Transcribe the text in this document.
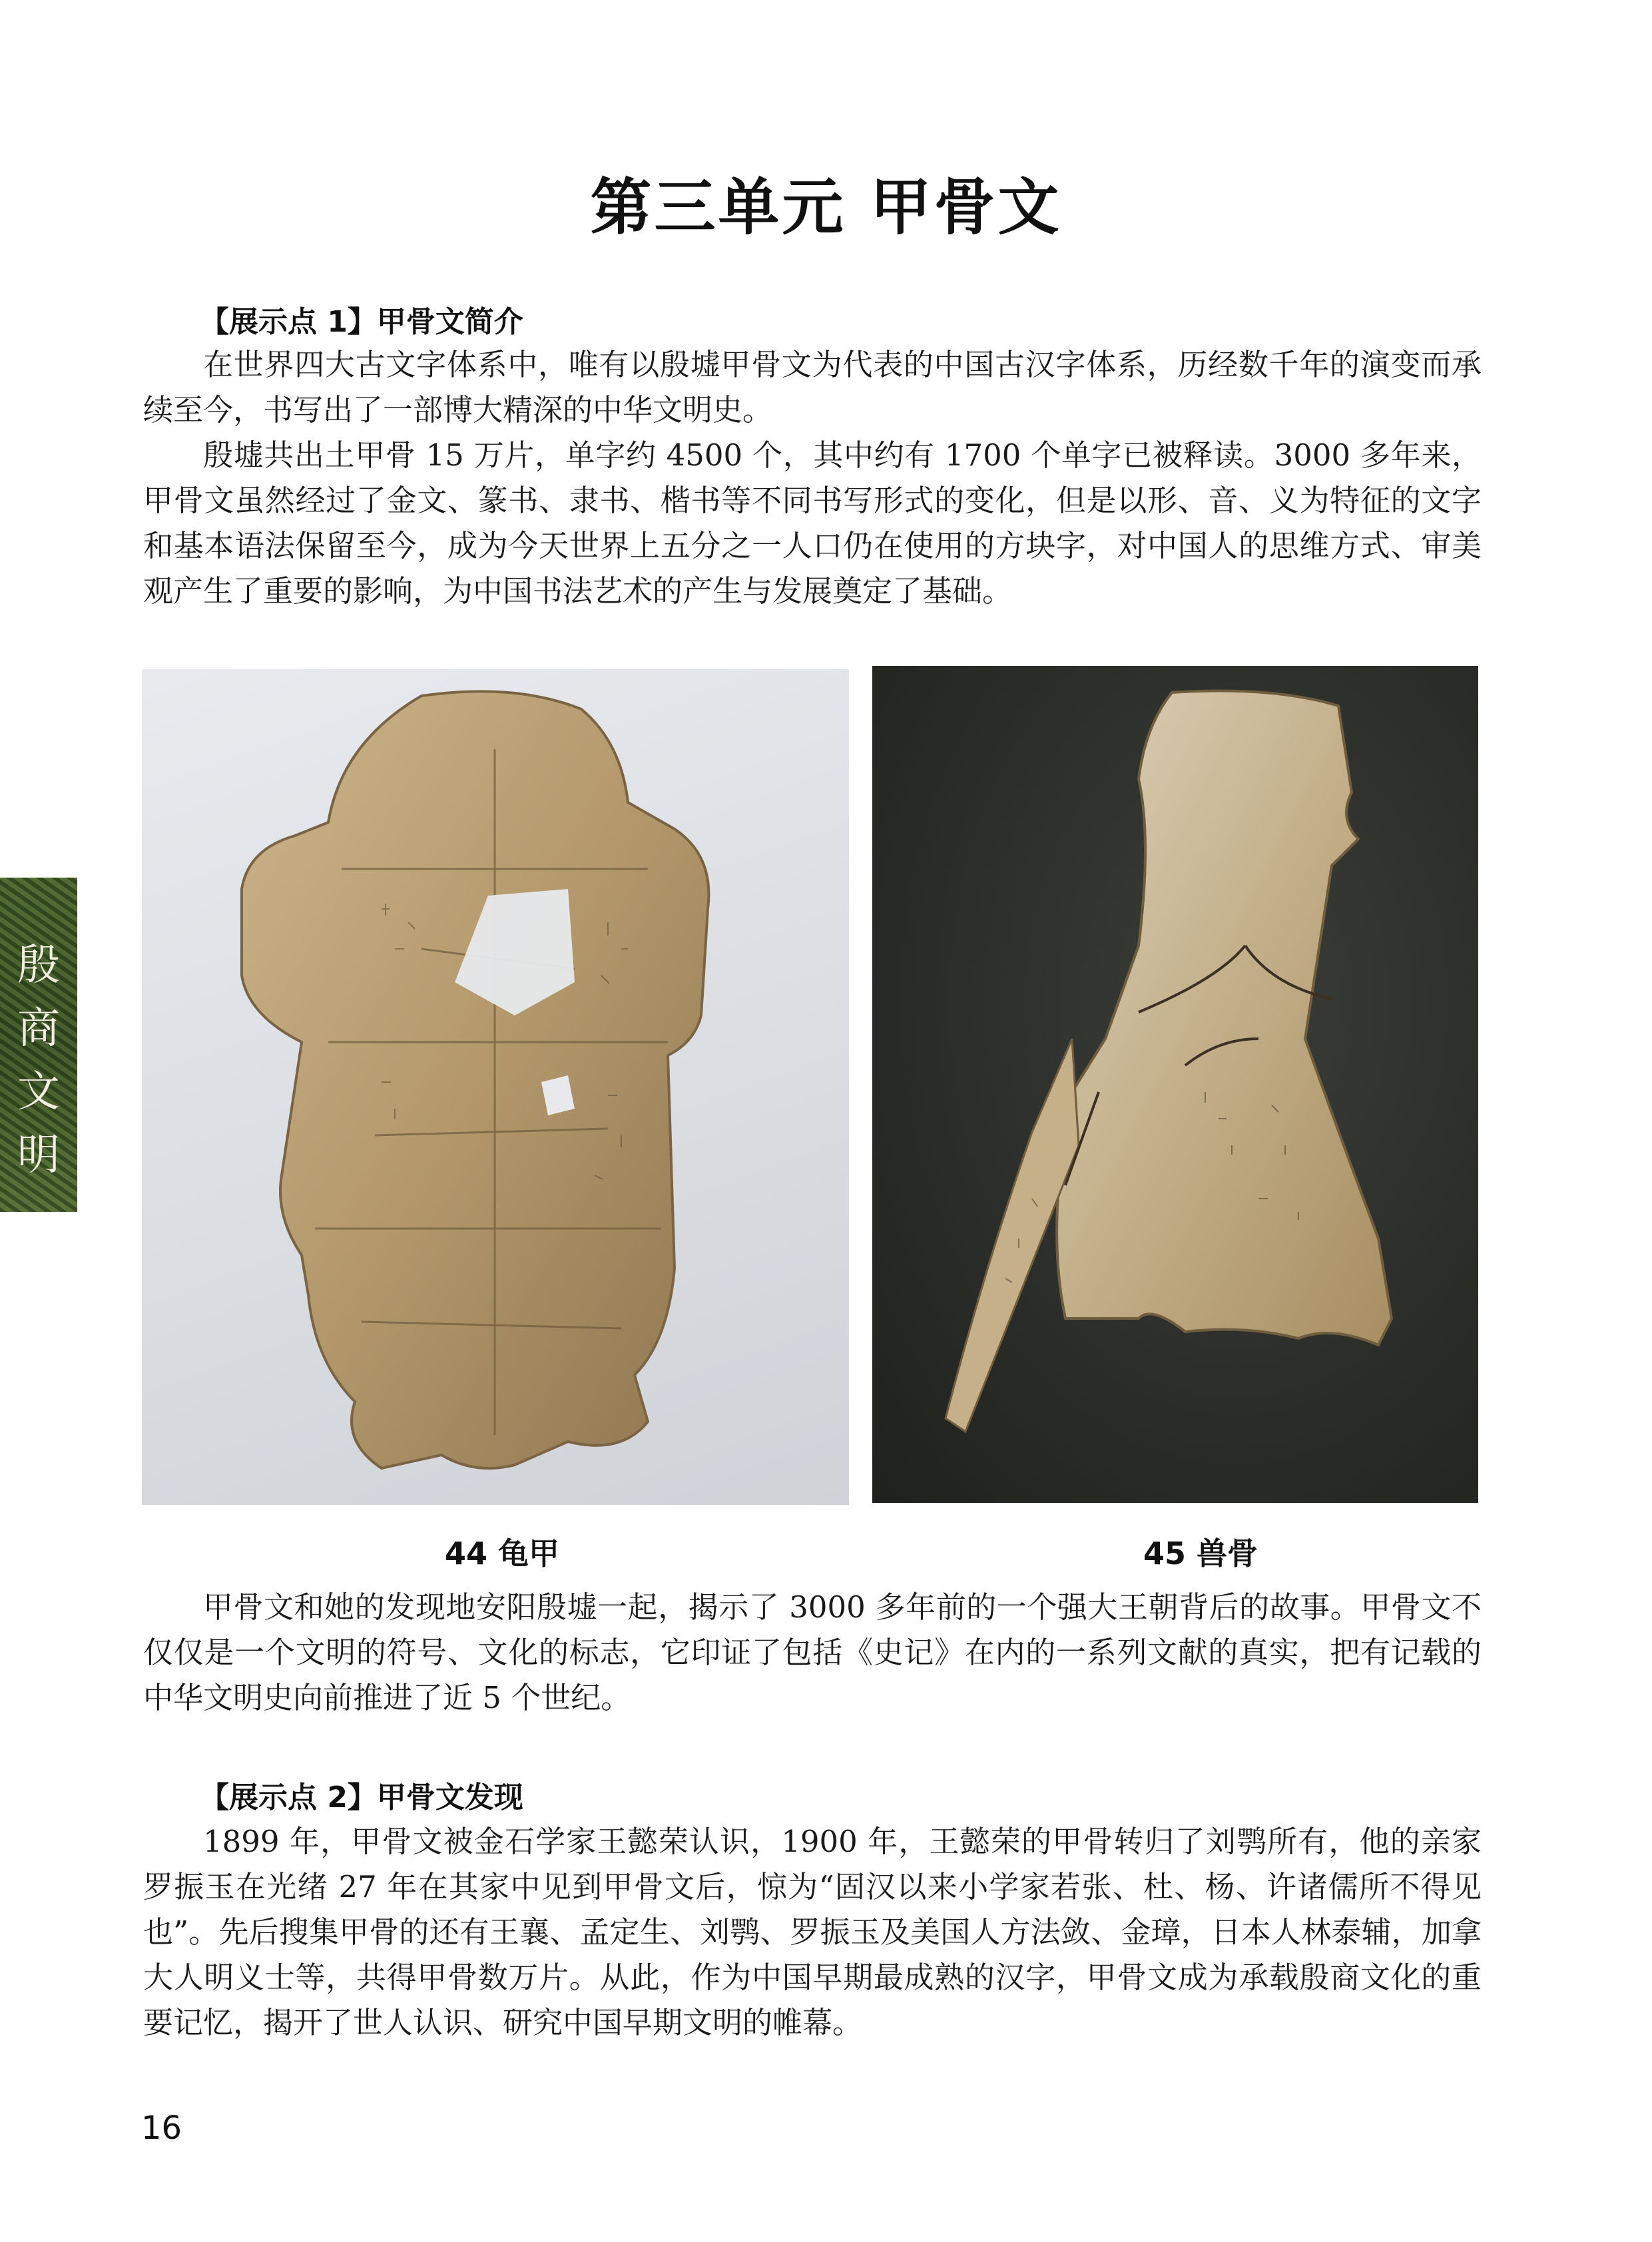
第三单元 甲骨文
【展示点 1】甲骨文简介

在世界四大古文字体系中，唯有以殷墟甲骨文为代表的中国古汉字体系，历经数千年的演变而承续至今，书写出了一部博大精深的中华文明史。

殷墟共出土甲骨 15 万片，单字约 4500 个，其中约有 1700 个单字已被释读。3000 多年来，甲骨文虽然经过了金文、篆书、隶书、楷书等不同书写形式的变化，但是以形、音、义为特征的文字和基本语法保留至今，成为今天世界上五分之一人口仍在使用的方块字，对中国人的思维方式、审美观产生了重要的影响，为中国书法艺术的产生与发展奠定了基础。

44 龟甲	45 兽骨

甲骨文和她的发现地安阳殷墟一起，揭示了 3000 多年前的一个强大王朝背后的故事。甲骨文不仅仅是一个文明的符号、文化的标志，它印证了包括《史记》在内的一系列文献的真实，把有记载的中华文明史向前推进了近 5 个世纪。

【展示点 2】甲骨文发现

1899 年，甲骨文被金石学家王懿荣认识，1900 年，王懿荣的甲骨转归了刘鹗所有，他的亲家罗振玉在光绪 27 年在其家中见到甲骨文后，惊为“固汉以来小学家若张、杜、杨、许诸儒所不得见也”。先后搜集甲骨的还有王襄、孟定生、刘鹗、罗振玉及美国人方法敛、金璋，日本人林泰辅，加拿大人明义士等，共得甲骨数万片。从此，作为中国早期最成熟的汉字，甲骨文成为承载殷商文化的重要记忆，揭开了世人认识、研究中国早期文明的帷幕。

殷
商
文
明
16
